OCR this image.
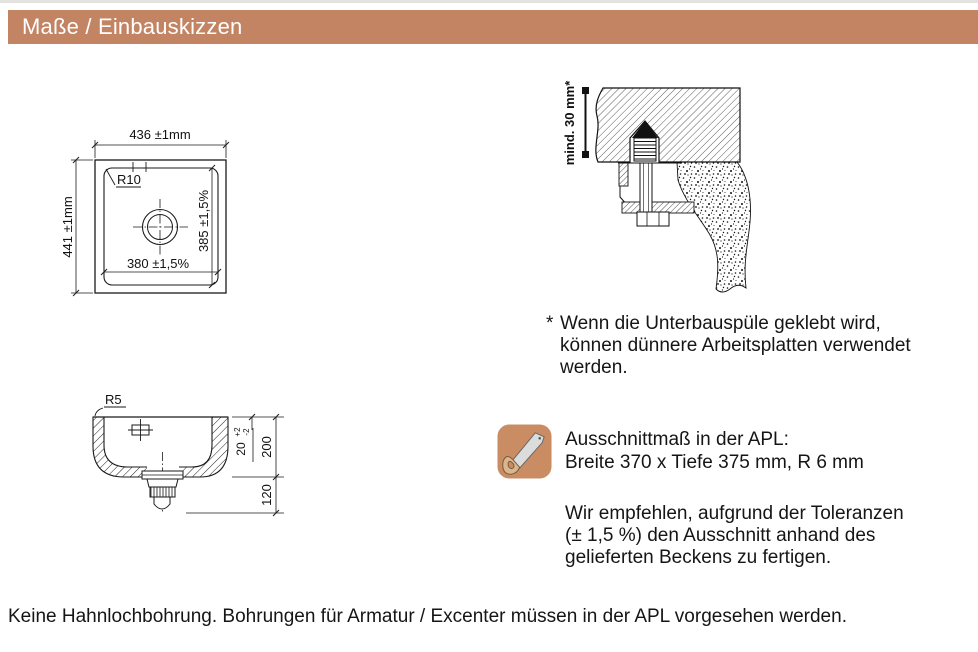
Maße / Einbauskizzen
R10
436 ±1mm
441 ±1mm
380 ±1,5%
385 ±1,5%
R5
20
+2 -2
200
120
mind. 30 mm*
* Wenn die Unterbauspüle geklebt wird,
können dünnere Arbeitsplatten verwendet
werden.
Ausschnittmaß in der APL:
Breite 370 x Tiefe 375 mm, R 6 mm
Wir empfehlen, aufgrund der Toleranzen
(± 1,5 %) den Ausschnitt anhand des
gelieferten Beckens zu fertigen.
Keine Hahnlochbohrung. Bohrungen für Armatur / Excenter müssen in der APL vorgesehen werden.
